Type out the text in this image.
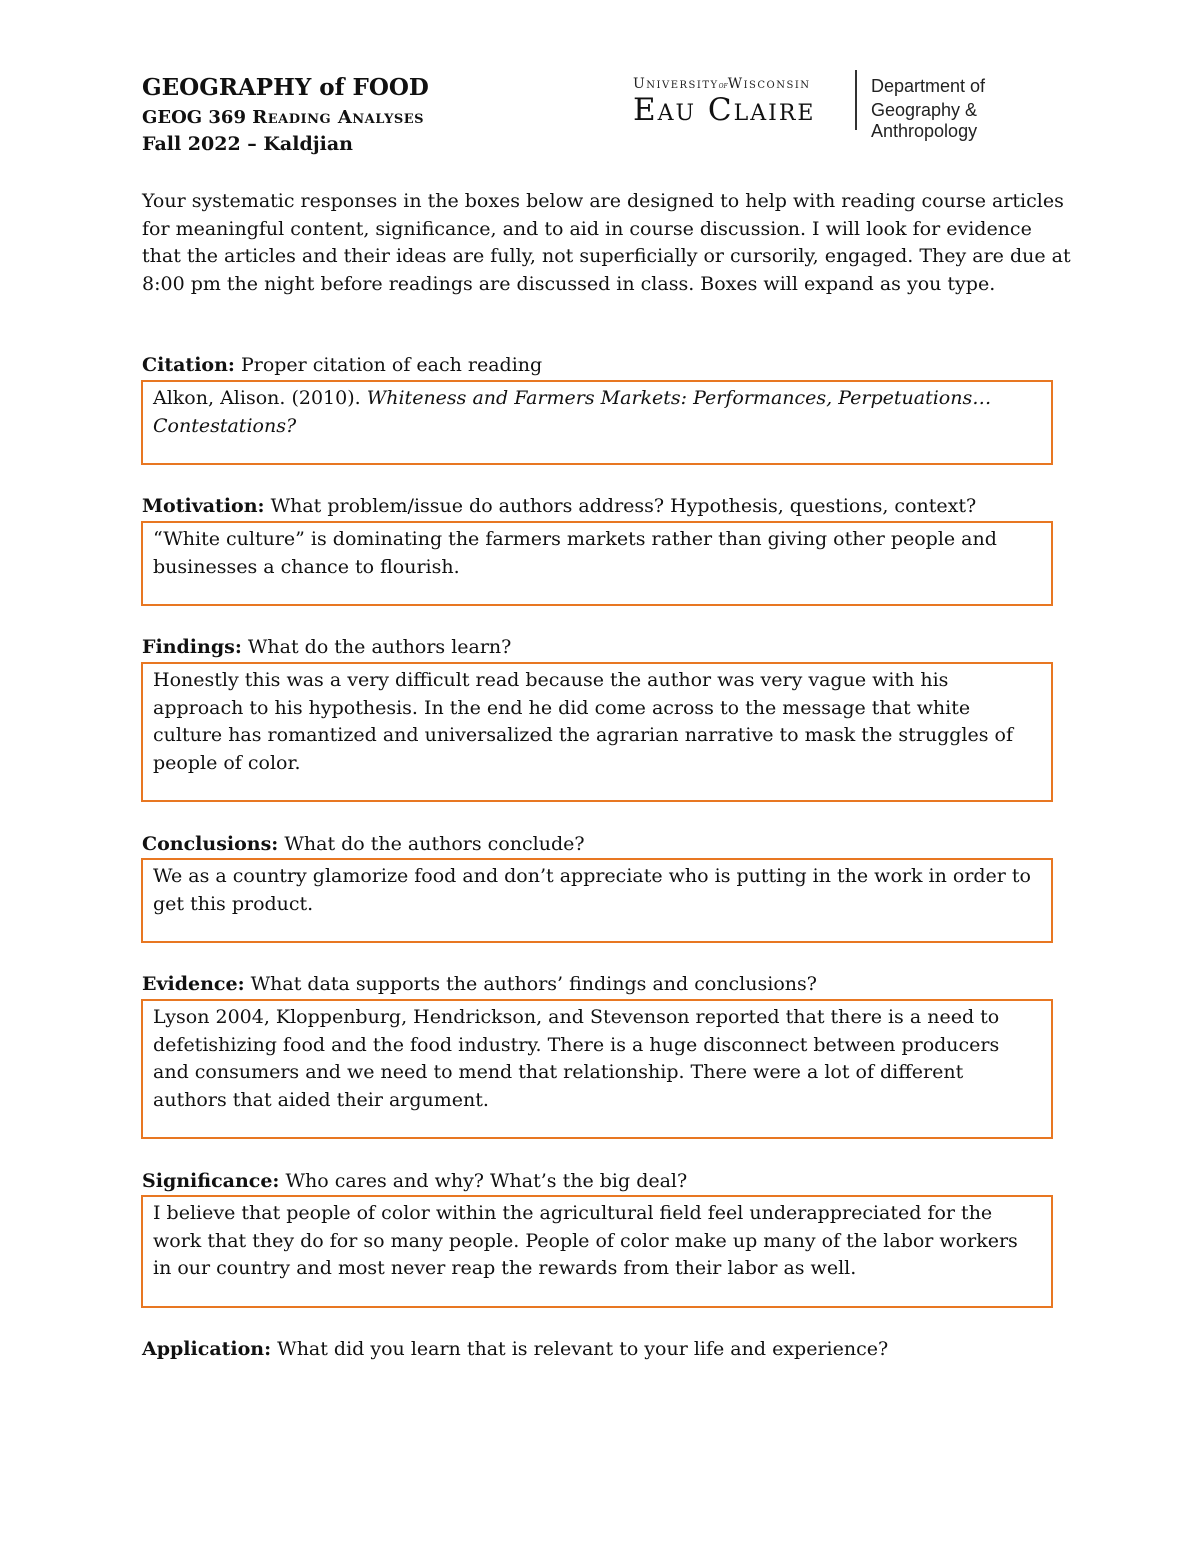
GEOGRAPHY of FOOD
GEOG 369 Reading Analyses
Fall 2022 – Kaldjian
UniversityofWisconsin
Eau Claire
Department of
Geography & Anthropology
Your systematic responses in the boxes below are designed to help with reading course articles for meaningful content, significance, and to aid in course discussion. I will look for evidence that the articles and their ideas are fully, not superficially or cursorily, engaged. They are due at 8:00 pm the night before readings are discussed in class. Boxes will expand as you type.
Citation: Proper citation of each reading
Alkon, Alison. (2010). Whiteness and Farmers Markets: Performances, Perpetuations…Contestations?
Motivation: What problem/issue do authors address? Hypothesis, questions, context?
“White culture” is dominating the farmers markets rather than giving other people and businesses a chance to flourish.
Findings: What do the authors learn?
Honestly this was a very difficult read because the author was very vague with his approach to his hypothesis. In the end he did come across to the message that white culture has romantized and universalized the agrarian narrative to mask the struggles of people of color.
Conclusions: What do the authors conclude?
We as a country glamorize food and don’t appreciate who is putting in the work in order to get this product.
Evidence: What data supports the authors’ findings and conclusions?
Lyson 2004, Kloppenburg, Hendrickson, and Stevenson reported that there is a need to defetishizing food and the food industry. There is a huge disconnect between producers and consumers and we need to mend that relationship. There were a lot of different authors that aided their argument.
Significance: Who cares and why? What’s the big deal?
I believe that people of color within the agricultural field feel underappreciated for the work that they do for so many people. People of color make up many of the labor workers in our country and most never reap the rewards from their labor as well.
Application: What did you learn that is relevant to your life and experience?
